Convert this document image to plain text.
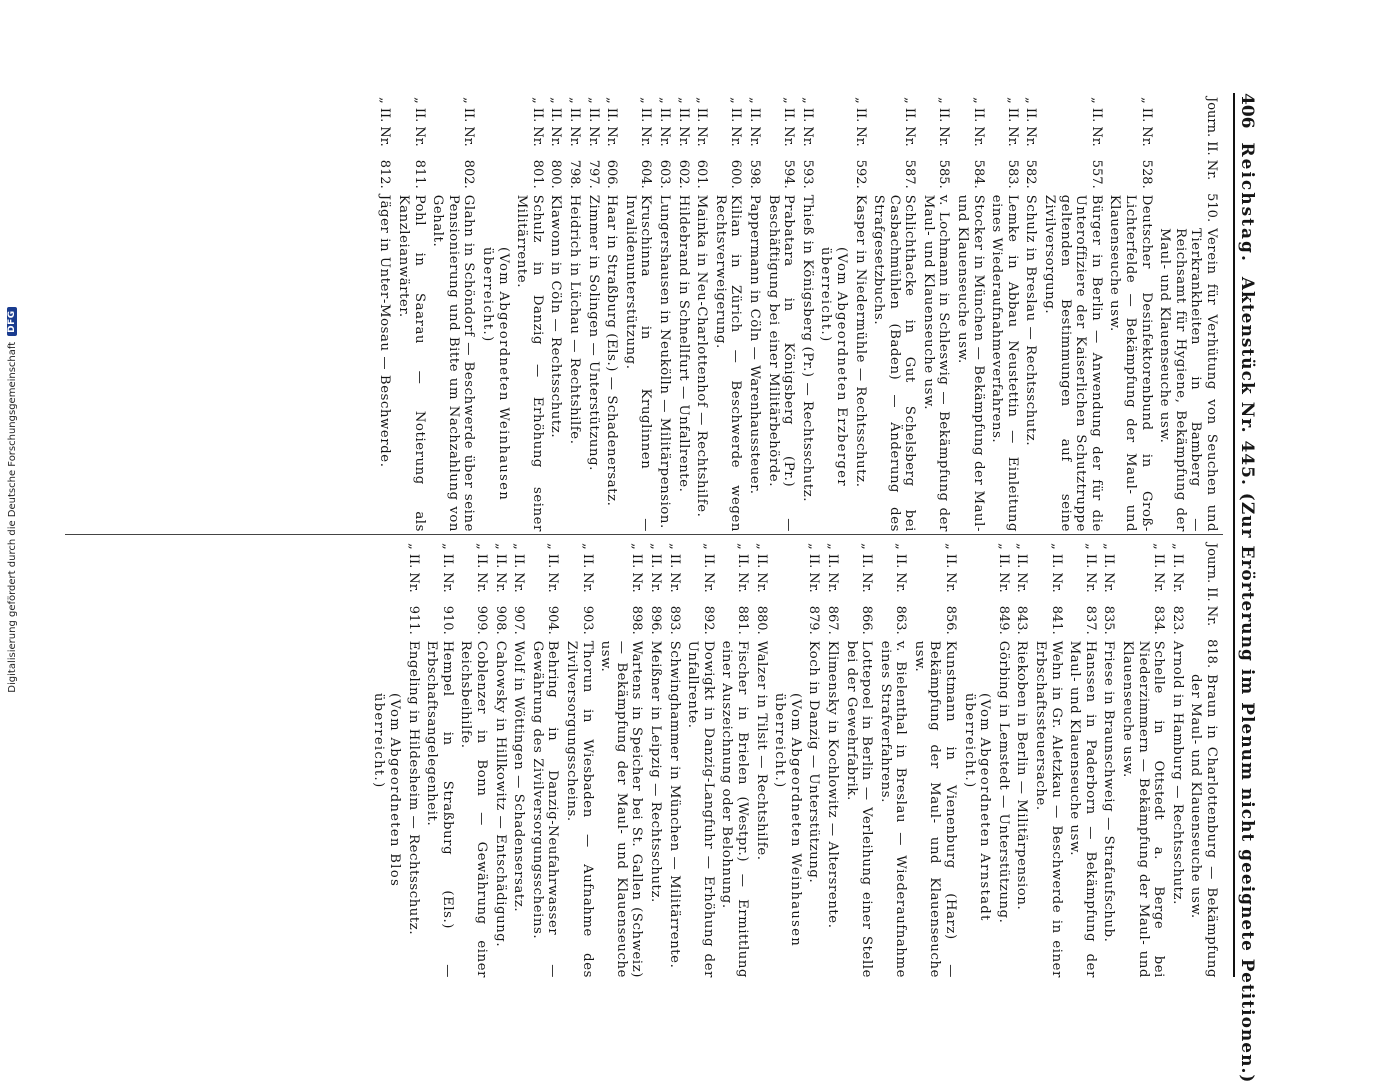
Digitalisierung gefördert durch die Deutsche Forschungsgemeinschaft
DFG
406
Reichstag.
Aktenstück Nr. 445. (Zur Erörterung im Plenum nicht geeignete Petitionen.)
Journ. II. Nr.
510.
Verein für Verhütung von Seuchen und Tierkrankheiten in Bamberg — Reichsamt für Hygiene, Bekämpfung der Maul- und Klauenseuche usw.
„ II. Nr.
528.
Deutscher Desinfektorenbund in Groß-Lichterfelde — Bekämpfung der Maul- und Klauenseuche usw.
„ II. Nr.
557.
Bürger in Berlin — Anwendung der für die Unteroffiziere der Kaiserlichen Schutztruppe geltenden Bestimmungen auf seine Zivilversorgung.
„ II. Nr.
582.
Schulz in Breslau — Rechtsschutz.
„ II. Nr.
583.
Lemke in Abbau Neustettin — Einleitung eines Wiederaufnahmeverfahrens.
„ II. Nr.
584.
Stocker in München — Bekämpfung der Maul- und Klauenseuche usw.
„ II. Nr.
585.
v. Lochmann in Schleswig — Bekämpfung der Maul- und Klauenseuche usw.
„ II. Nr.
587.
Schlichthacke in Gut Schelsberg bei Casbachmühlen (Baden) — Änderung des Strafgesetzbuchs.
„ II. Nr.
592.
Kasper in Niedermühle — Rechtsschutz.
(Vom Abgeordneten Erzberger überreicht.)
„ II. Nr.
593.
Thieß in Königsberg (Pr.) — Rechtsschutz.
„ II. Nr.
594.
Prabatara in Königsberg (Pr.) — Beschäftigung bei einer Militärbehörde.
„ II. Nr.
598.
Pappermann in Cöln — Warenhaussteuer.
„ II. Nr.
600.
Kilian in Zürich — Beschwerde wegen Rechtsverweigerung.
„ II. Nr.
601.
Mainka in Neu-Charlottenhof — Rechtshilfe.
„ II. Nr.
602.
Hildebrand in Schnellfurt — Unfallrente.
„ II. Nr.
603.
Lungershausen in Neukölln — Militärpension.
„ II. Nr.
604.
Kruschinna in Kruglinnen — Invalidenunterstützung.
„ II. Nr.
606.
Haar in Straßburg (Els.) — Schadenersatz.
„ II. Nr.
797.
Zimmer in Solingen — Unterstützung.
„ II. Nr.
798.
Heidrich in Lüchau — Rechtshilfe.
„ II. Nr.
800.
Klawonn in Cöln — Rechtsschutz.
„ II. Nr.
801.
Schulz in Danzig — Erhöhung seiner Militärrente.
(Vom Abgeordneten Weinhausen überreicht.)
„ II. Nr.
802.
Glahn in Schöndorf — Beschwerde über seine Pensionierung und Bitte um Nachzahlung von Gehalt.
„ II. Nr.
811.
Pohl in Saarau — Notierung als Kanzleianwärter.
„ II. Nr.
812.
Jäger in Unter-Mosau — Beschwerde.
Journ. II. Nr.
818.
Braun in Charlottenburg — Bekämpfung der Maul- und Klauenseuche usw.
„ II. Nr.
823.
Arnold in Hamburg — Rechtsschutz.
„ II. Nr.
834.
Schelle in Ottstedt a. Berge bei Niederzimmern — Bekämpfung der Maul- und Klauenseuche usw.
„ II. Nr.
835.
Friese in Braunschweig — Strafaufschub.
„ II. Nr.
837.
Hanssen in Paderborn — Bekämpfung der Maul- und Klauenseuche usw.
„ II. Nr.
841.
Wehn in Gr. Aletzkau — Beschwerde in einer Erbschaftssteuersache.
„ II. Nr.
843.
Riekoben in Berlin — Militärpension.
„ II. Nr.
849.
Görbing in Lemstedt — Unterstützung.
(Vom Abgeordneten Arnstadt überreicht.)
„ II. Nr.
856.
Kunstmann in Vienenburg (Harz) — Bekämpfung der Maul- und Klauenseuche usw.
„ II. Nr.
863.
v. Bielenthal in Breslau — Wiederaufnahme eines Strafverfahrens.
„ II. Nr.
866.
Lottepoel in Berlin — Verleihung einer Stelle bei der Gewehrfabrik.
„ II. Nr.
867.
Klimensky in Kochlowitz — Altersrente.
„ II. Nr.
879.
Koch in Danzig — Unterstützung.
(Vom Abgeordneten Weinhausen überreicht.)
„ II. Nr.
880.
Walzer in Tilsit — Rechtshilfe.
„ II. Nr.
881.
Fischer in Brielen (Westpr.) — Ermittlung einer Auszeichnung oder Belohnung.
„ II. Nr.
892.
Dowigkt in Danzig-Langfuhr — Erhöhung der Unfallrente.
„ II. Nr.
893.
Schwinghammer in München — Militärrente.
„ II. Nr.
896.
Meißner in Leipzig — Rechtsschutz.
„ II. Nr.
898.
Wartens in Speicher bei St. Gallen (Schweiz) — Bekämpfung der Maul- und Klauenseuche usw.
„ II. Nr.
903.
Thorun in Wiesbaden — Aufnahme des Zivilversorgungsscheins.
„ II. Nr.
904.
Behring in Danzig-Neufahrwasser — Gewährung des Zivilversorgungsscheins.
„ II. Nr.
907.
Wolf in Wöttingen — Schadensersatz.
„ II. Nr.
908.
Cahowsky in Hillkowitz — Entschädigung.
„ II. Nr.
909.
Coblenzer in Bonn — Gewährung einer Reichsbeihilfe.
„ II. Nr.
910.
Hempel in Straßburg (Els.) — Erbschaftsangelegenheit.
„ II. Nr.
911.
Engeling in Hildesheim — Rechtsschutz.
(Vom Abgeordneten Blos überreicht.)
